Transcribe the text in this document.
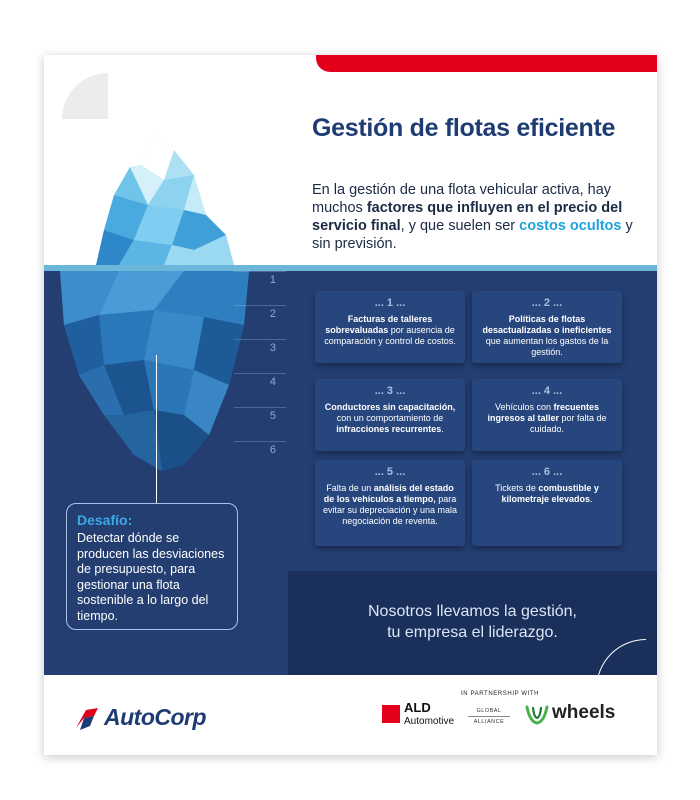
Gestión de flotas eficiente
En la gestión de una flota vehicular activa, hay muchos factores que influyen en el precio del servicio final, y que suelen ser costos ocultos y sin previsión.
1
2
3
4
5
6
... 1 ...
Facturas de talleres sobrevaluadas por ausencia de comparación y control de costos.
... 2 ...
Políticas de flotas desactualizadas o ineficientes que aumentan los gastos de la gestión.
... 3 ...
Conductores sin capacitación, con un comportamiento de infracciones recurrentes.
... 4 ...
Vehículos con frecuentes ingresos al taller por falta de cuidado.
... 5 ...
Falta de un análisis del estado de los vehículos a tiempo, para evitar su depreciación y una mala negociación de reventa.
... 6 ...
Tickets de combustible y kilometraje elevados.
Desafío:
Detectar dónde se producen las desviaciones de presupuesto, para gestionar una flota sostenible a lo largo del tiempo.	Nosotros llevamos la gestión,
tu empresa el liderazgo.
AutoCorp	ALD
Automotive
IN PARTNERSHIP WITH
GLOBAL
ALLIANCE	wheels
